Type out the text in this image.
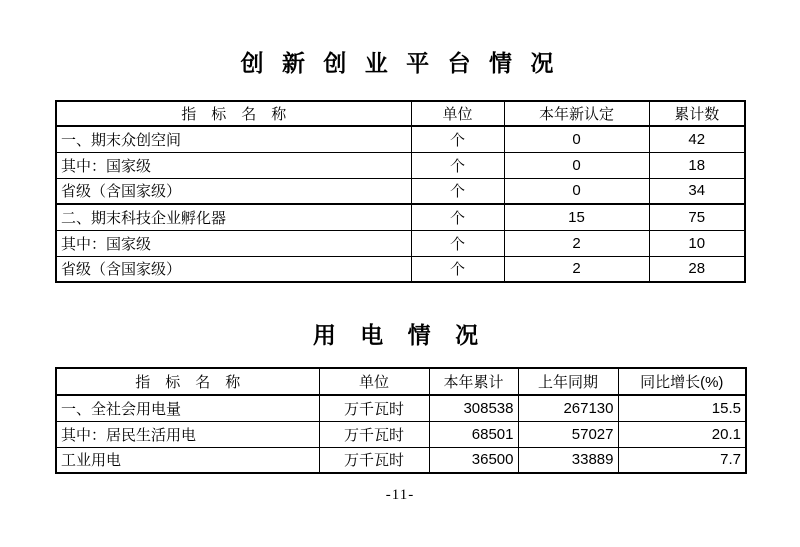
创 新 创 业 平 台 情 况
指　标　名　称	单位	本年新认定	累计数
一、期末众创空间	个	0	42
其中：国家级	个	0	18
省级（含国家级）	个	0	34
二、期末科技企业孵化器	个	15	75
其中：国家级	个	2	10
省级（含国家级）	个	2	28
用 电 情 况
指　标　名　称	单位	本年累计	上年同期	同比增长(%)
一、全社会用电量	万千瓦时	308538	267130	15.5
其中：居民生活用电	万千瓦时	68501	57027	20.1
工业用电	万千瓦时	36500	33889	7.7
-11-
